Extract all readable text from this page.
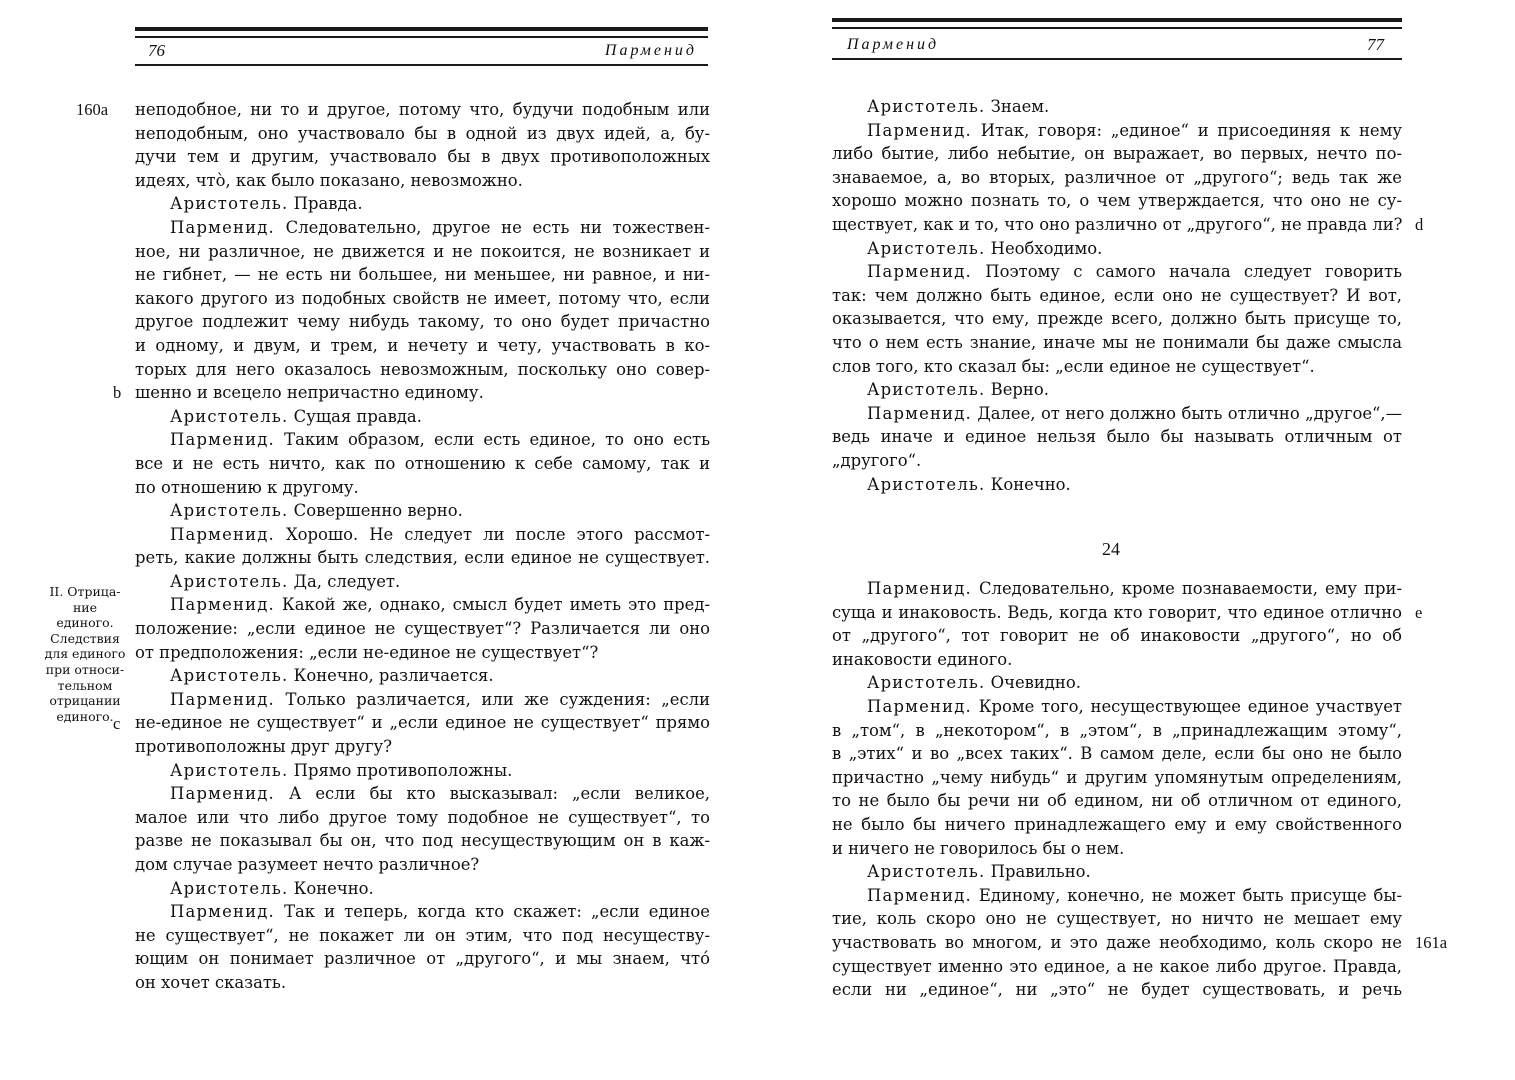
76	Парменид
неподобное, ни то и другое, потому что, будучи подобным или
неподобным, оно участвовало бы в одной из двух идей, а, бу-
дучи тем и другим, участвовало бы в двух противоположных
идеях, что̀, как было показано, невозможно.
Аристотель. Правда.
Парменид. Следовательно, другое не есть ни тожествен-
ное, ни различное, не движется и не покоится, не возникает и
не гибнет, — не есть ни большее, ни меньшее, ни равное, и ни-
какого другого из подобных свойств не имеет, потому что, если
другое подлежит чему нибудь такому, то оно будет причастно
и одному, и двум, и трем, и нечету и чету, участвовать в ко-
торых для него оказалось невозможным, поскольку оно совер-
шенно и всецело непричастно единому.
Аристотель. Сущая правда.
Парменид. Таким образом, если есть единое, то оно есть
все и не есть ничто, как по отношению к себе самому, так и
по отношению к другому.
Аристотель. Совершенно верно.
Парменид. Хорошо. Не следует ли после этого рассмот-
реть, какие должны быть следствия, если единое не существует.
Аристотель. Да, следует.
Парменид. Какой же, однако, смысл будет иметь это пред-
положение: „если единое не существует“? Различается ли оно
от предположения: „если не-единое не существует“?
Аристотель. Конечно, различается.
Парменид. Только различается, или же суждения: „если
не-единое не существует“ и „если единое не существует“ прямо
противоположны друг другу?
Аристотель. Прямо противоположны.
Парменид. А если бы кто высказывал: „если великое,
малое или что либо другое тому подобное не существует“, то
разве не показывал бы он, что под несуществующим он в каж-
дом случае разумеет нечто различное?
Аристотель. Конечно.
Парменид. Так и теперь, когда кто скажет: „если единое
не существует“, не покажет ли он этим, что под несуществу-
ющим он понимает различное от „другого“, и мы знаем, что́
он хочет сказать.
160a
b
c
II. Отрица-
ние единого.
Следствия
для единого
при относи-
тельном
отрицании
единого.
Парменид	77
Аристотель. Знаем.
Парменид. Итак, говоря: „единое“ и присоединяя к нему
либо бытие, либо небытие, он выражает, во первых, нечто по-
знаваемое, а, во вторых, различное от „другого“; ведь так же
хорошо можно познать то, о чем утверждается, что оно не су-
ществует, как и то, что оно различно от „другого“, не правда ли?
Аристотель. Необходимо.
Парменид. Поэтому с самого начала следует говорить
так: чем должно быть единое, если оно не существует? И вот,
оказывается, что ему, прежде всего, должно быть присуще то,
что о нем есть знание, иначе мы не понимали бы даже смысла
слов того, кто сказал бы: „если единое не существует“.
Аристотель. Верно.
Парменид. Далее, от него должно быть отлично „другое“,—
ведь иначе и единое нельзя было бы называть отличным от
„другого“.
Аристотель. Конечно.
24
Парменид. Следовательно, кроме познаваемости, ему при-
суща и инаковость. Ведь, когда кто говорит, что единое отлично
от „другого“, тот говорит не об инаковости „другого“, но об
инаковости единого.
Аристотель. Очевидно.
Парменид. Кроме того, несуществующее единое участвует
в „том“, в „некотором“, в „этом“, в „принадлежащим этому“,
в „этих“ и во „всех таких“. В самом деле, если бы оно не было
причастно „чему нибудь“ и другим упомянутым определениям,
то не было бы речи ни об едином, ни об отличном от единого,
не было бы ничего принадлежащего ему и ему свойственного
и ничего не говорилось бы о нем.
Аристотель. Правильно.
Парменид. Единому, конечно, не может быть присуще бы-
тие, коль скоро оно не существует, но ничто не мешает ему
участвовать во многом, и это даже необходимо, коль скоро не
существует именно это единое, а не какое либо другое. Правда,
если ни „единое“, ни „это“ не будет существовать, и речь
d
e
161a
